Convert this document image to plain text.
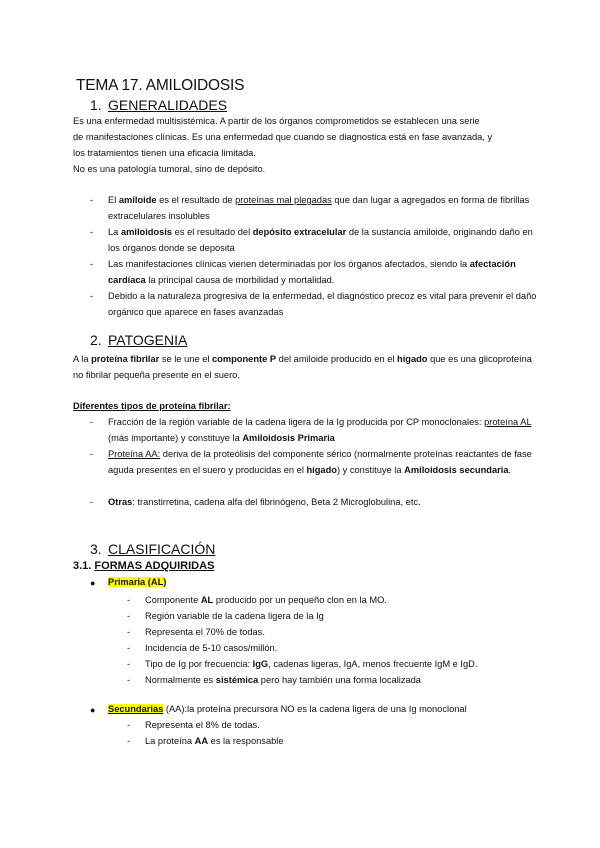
TEMA 17. AMILOIDOSIS
1. GENERALIDADES
Es una enfermedad multisistémica. A partir de los órganos comprometidos se establecen una serie
de manifestaciones clínicas. Es una enfermedad que cuando se diagnostica está en fase avanzada, y
los tratamientos tienen una eficacia limitada.
No es una patología tumoral, sino de depósito.
- El amiloide es el resultado de proteínas mal plegadas que dan lugar a agregados en forma de fibrillas extracelulares insolubles
- La amiloidosis es el resultado del depósito extracelular de la sustancia amiloide, originando daño en los órganos donde se deposita
- Las manifestaciones clínicas vienen determinadas por los órganos afectados, siendo la afectación cardíaca la principal causa de morbilidad y mortalidad.
- Debido a la naturaleza progresiva de la enfermedad, el diagnóstico precoz es vital para prevenir el daño orgánico que aparece en fases avanzadas
2. PATOGENIA
A la proteína fibrilar se le une el componente P del amiloide producido en el hígado que es una glicoproteína no fibrilar pequeña presente en el suero.
Diferentes tipos de proteína fibrilar:
- Fracción de la región variable de la cadena ligera de la Ig producida por CP monoclonales: proteína AL (más importante) y constituye la Amiloidosis Primaria
- Proteína AA: deriva de la proteólisis del componente sérico (normalmente proteínas reactantes de fase aguda presentes en el suero y producidas en el hígado) y constituye la Amiloidosis secundaria.
- Otras: transtirretina, cadena alfa del fibrinógeno, Beta 2 Microglobulina, etc.
3. CLASIFICACIÓN
3.1. FORMAS ADQUIRIDAS
● Primaria (AL)
- Componente AL producido por un pequeño clon en la MO.
- Región variable de la cadena ligera de la Ig
- Representa el 70% de todas.
- Incidencia de 5-10 casos/millón.
- Tipo de Ig por frecuencia: IgG, cadenas ligeras, IgA, menos frecuente IgM e IgD.
- Normalmente es sistémica pero hay también una forma localizada
● Secundarias (AA):la proteína precursora NO es la cadena ligera de una Ig monoclonal
- Representa el 8% de todas.
- La proteína AA es la responsable
